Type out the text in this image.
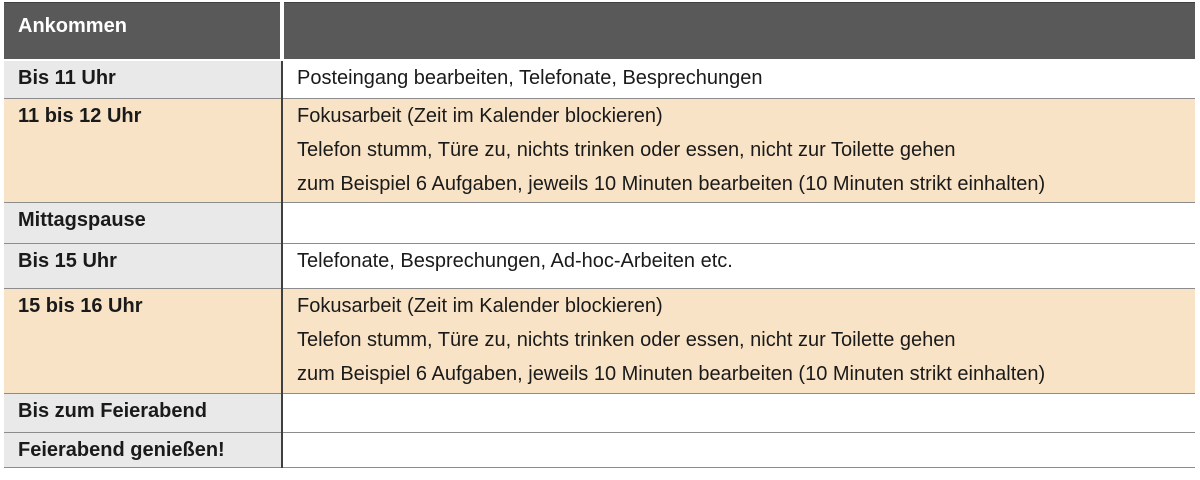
Ankommen	
Bis 11 Uhr	Posteingang bearbeiten, Telefonate, Besprechungen

11 bis 12 Uhr	Fokusarbeit (Zeit im Kalender blockieren)
Telefon stumm, Türe zu, nichts trinken oder essen, nicht zur Toilette gehen
zum Beispiel 6 Aufgaben, jeweils 10 Minuten bearbeiten (10 Minuten strikt einhalten)

Mittagspause	
Bis 15 Uhr	Telefonate, Besprechungen, Ad-hoc-Arbeiten etc.

15 bis 16 Uhr	Fokusarbeit (Zeit im Kalender blockieren)
Telefon stumm, Türe zu, nichts trinken oder essen, nicht zur Toilette gehen
zum Beispiel 6 Aufgaben, jeweils 10 Minuten bearbeiten (10 Minuten strikt einhalten)

Bis zum Feierabend	
Feierabend genießen!	
